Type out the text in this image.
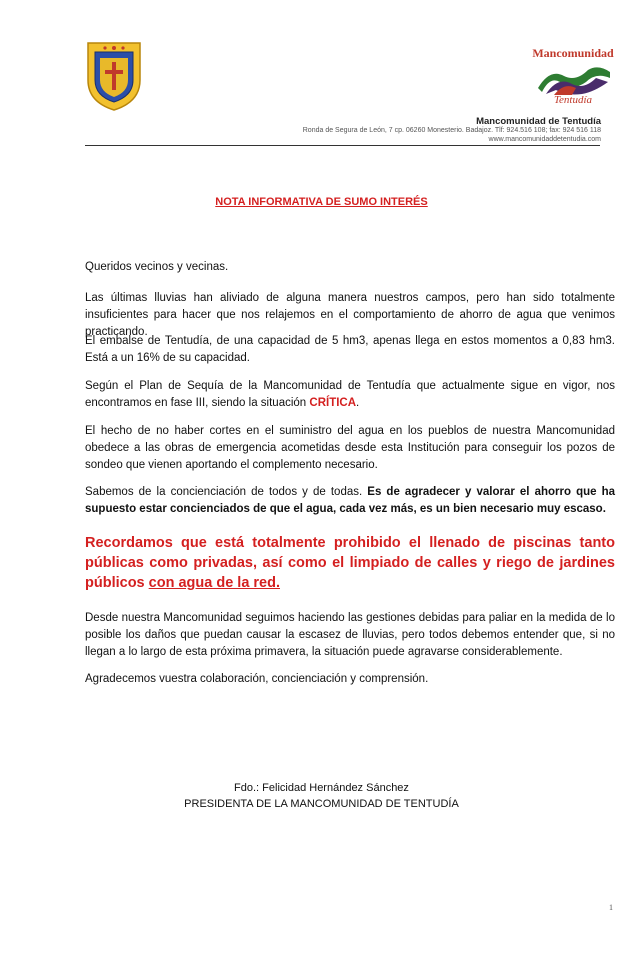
Mancomunidad
Tentudía
Mancomunidad de Tentudía
Ronda de Segura de León, 7 cp. 06260 Monesterio. Badajoz. Tlf: 924.516 108; fax: 924 516 118
www.mancomunidaddetentudia.com
NOTA INFORMATIVA DE SUMO INTERÉS

Queridos vecinos y vecinas.

Las últimas lluvias han aliviado de alguna manera nuestros campos, pero han sido totalmente insuficientes para hacer que nos relajemos en el comportamiento de ahorro de agua que venimos practicando.

El embalse de Tentudía, de una capacidad de 5 hm3, apenas llega en estos momentos a 0,83 hm3. Está a un 16% de su capacidad.

Según el Plan de Sequía de la Mancomunidad de Tentudía que actualmente sigue en vigor, nos encontramos en fase III, siendo la situación CRÍTICA.

El hecho de no haber cortes en el suministro del agua en los pueblos de nuestra Mancomunidad obedece a las obras de emergencia acometidas desde esta Institución para conseguir los pozos de sondeo que vienen aportando el complemento necesario.

Sabemos de la concienciación de todos y de todas. Es de agradecer y valorar el ahorro que ha supuesto estar concienciados de que el agua, cada vez más, es un bien necesario muy escaso.

Recordamos que está totalmente prohibido el llenado de piscinas tanto públicas como privadas, así como el limpiado de calles y riego de jardines públicos con agua de la red.

Desde nuestra Mancomunidad seguimos haciendo las gestiones debidas para paliar en la medida de lo posible los daños que puedan causar la escasez de lluvias, pero todos debemos entender que, si no llegan a lo largo de esta próxima primavera, la situación puede agravarse considerablemente.

Agradecemos vuestra colaboración, concienciación y comprensión.

Fdo.: Felicidad Hernández Sánchez
PRESIDENTA DE LA MANCOMUNIDAD DE TENTUDÍA
1
